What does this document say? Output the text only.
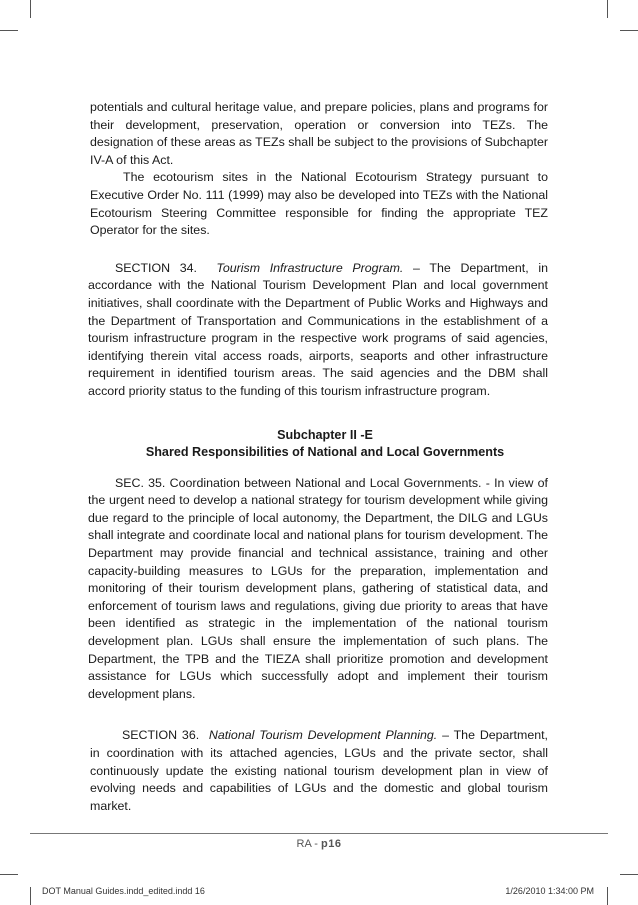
potentials and cultural heritage value, and prepare policies, plans and programs for their development, preservation, operation or conversion into TEZs. The designation of these areas as TEZs shall be subject to the provisions of Subchapter IV-A of this Act.

The ecotourism sites in the National Ecotourism Strategy pursuant to Executive Order No. 111 (1999) may also be developed into TEZs with the National Ecotourism Steering Committee responsible for finding the appropriate TEZ Operator for the sites.

SECTION 34. Tourism Infrastructure Program. – The Department, in accordance with the National Tourism Development Plan and local government initiatives, shall coordinate with the Department of Public Works and Highways and the Department of Transportation and Communications in the establishment of a tourism infrastructure program in the respective work programs of said agencies, identifying therein vital access roads, airports, seaports and other infrastructure requirement in identified tourism areas. The said agencies and the DBM shall accord priority status to the funding of this tourism infrastructure program.

Subchapter II -E

Shared Responsibilities of National and Local Governments

SEC. 35. Coordination between National and Local Governments. - In view of the urgent need to develop a national strategy for tourism development while giving due regard to the principle of local autonomy, the Department, the DILG and LGUs shall integrate and coordinate local and national plans for tourism development. The Department may provide financial and technical assistance, training and other capacity-building measures to LGUs for the preparation, implementation and monitoring of their tourism development plans, gathering of statistical data, and enforcement of tourism laws and regulations, giving due priority to areas that have been identified as strategic in the implementation of the national tourism development plan. LGUs shall ensure the implementation of such plans. The Department, the TPB and the TIEZA shall prioritize promotion and development assistance for LGUs which successfully adopt and implement their tourism development plans.

SECTION 36. National Tourism Development Planning. – The Department, in coordination with its attached agencies, LGUs and the private sector, shall continuously update the existing national tourism development plan in view of evolving needs and capabilities of LGUs and the domestic and global tourism market.

RA - p16
DOT Manual Guides.indd_edited.indd 16	1/26/2010 1:34:00 PM
